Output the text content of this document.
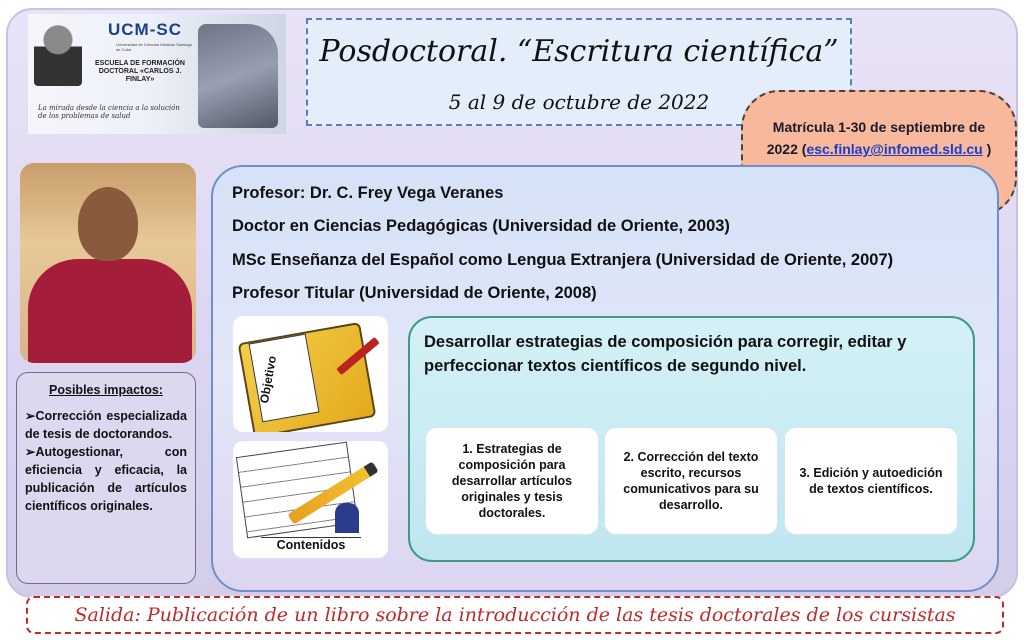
UCM-SC
Universidad de Ciencias Médicas Santiago de Cuba
ESCUELA DE FORMACIÓN DOCTORAL «CARLOS J. FINLAY»
La mirada desde la ciencia a la solución de los problemas de salud
Posdoctoral. “Escritura científica”
5 al 9 de octubre de 2022
Matrícula 1-30 de septiembre de
2022 (esc.finlay@infomed.sld.cu )
Posibles impactos:
➢Corrección especializada de tesis de doctorandos.
➢Autogestionar, con eficiencia y eficacia, la publicación de artículos científicos originales.
Profesor: Dr. C. Frey Vega Veranes
Doctor en Ciencias Pedagógicas (Universidad de Oriente, 2003)
MSc Enseñanza del Español como Lengua Extranjera (Universidad de Oriente, 2007)
Profesor Titular (Universidad de Oriente, 2008)
Objetivo
Contenidos
Desarrollar estrategias de composición para corregir, editar y perfeccionar textos científicos de segundo nivel.
1. Estrategias de composición para desarrollar artículos originales y tesis doctorales.
2. Corrección del texto escrito, recursos comunicativos para su desarrollo.
3. Edición y autoedición de textos científicos.
Salida: Publicación de un libro sobre la introducción de las tesis doctorales de los cursistas
